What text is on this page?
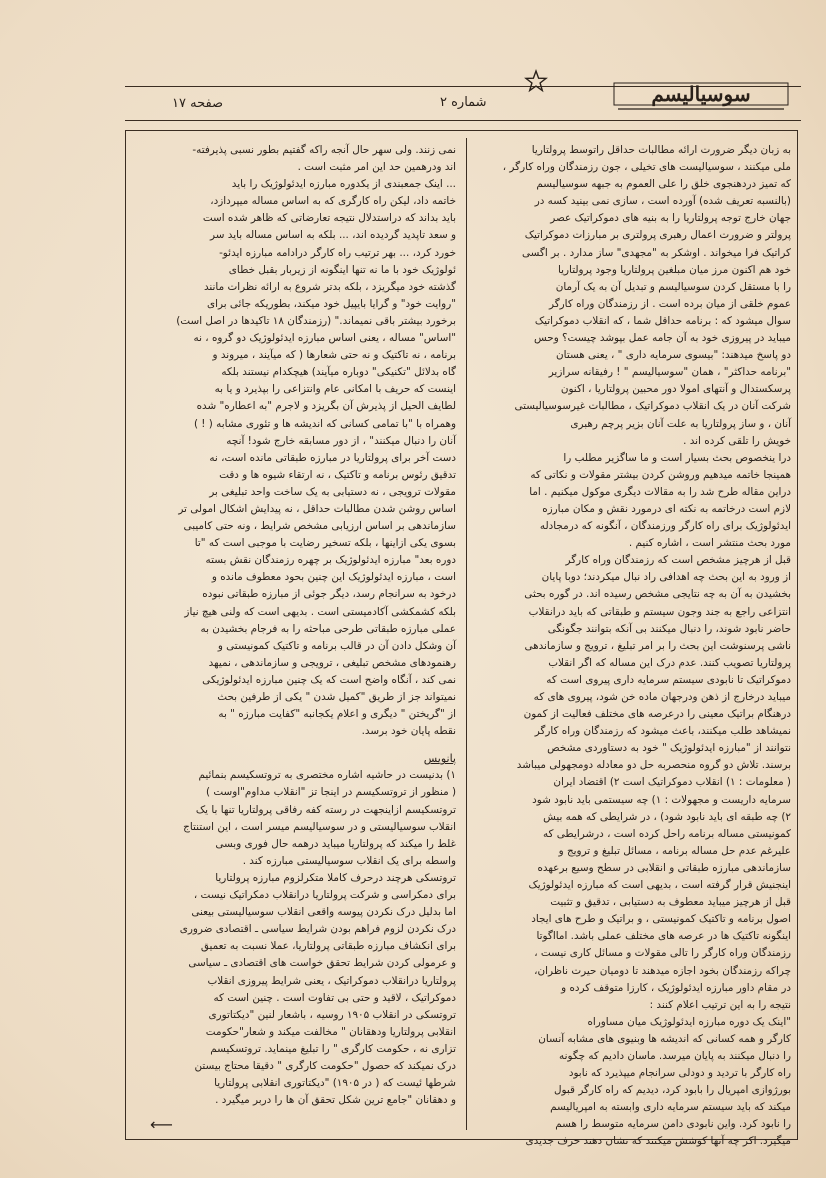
سوسیالیسم
شماره ۲
صفحه ۱۷
به زبان دیگر ضرورت ارائه مطالبات حداقل راتوسط پرولتاریا
ملی میکنند ، سوسیالیست های تخیلی ، جون رزمندگان وراه کارگر ،
که تمیز دردهنجوی خلق را علی العموم به جبهه سوسیالیسم
(بالنسبه تعریف شده) آورده است ، سازی نمی بینید کسه در
جهان خارج توجه پرولتاریا را به بنیه های دموکراتیک عصر
پرولتر و ضرورت اعمال رهبری پرولتری بر مبارزات دموکراتیک
کراتیک فرا میخواند . اوشکر به "مجهدی" ساز مدارد . بر اگسی
خود هم اکنون مرز میان مبلغین پرولتاریا وجود پرولتاریا
را با مستقل کردن سوسیالیسم و تبدیل آن به یک آرمان
عموم خلقی از میان برده است . از رزمندگان وراه کارگر
سوال میشود که : برنامه حداقل شما ، که انقلاب دموکراتیک
میباید در پیروزی خود به آن جامه عمل بپوشد چیست؟ وحس
دو پاسخ میدهند: "بیسوی سرمایه داری " ، یعنی هستان
"برنامه حداکثر" ، همان "سوسیالیسم " ! رفیقانه سرازیر
پرسکستدال و آنتهای امولا دور محبین پرولتاریا ، اکنون
شرکت آنان در یک انقلاب دموکراتیک ، مطالبات غیرسوسیالیستی
آنان ، و ساز پرولتاریا به علت آنان بزیر پرچم رهبری
خویش را تلقی کرده اند .
درا ینخصوص بحث بسیار است و ما ساگزیر مطلب را
همینجا خاتمه میدهیم وروشن کردن بیشتر مقولات و نکاتی که
دراین مقاله طرح شد را به مقالات دیگری موکول میکنیم . اما
لازم است درخاتمه به نکته ای درمورد نقش و مکان مبارزه
ایدئولوژیک برای راه کارگر ورزمندگان ، آنگونه که درمجادله
مورد بحث منتشر است ، اشاره کنیم .
قبل از هرچیز مشخص است که رزمندگان وراه کارگر
از ورود به این بحث چه اهدافی راد نبال میکردند؛ دوبا پایان
بخشیدن به آن به چه نتایجی مشخص رسیده اند. در گوره بحثی
انتزاعی راجع به جند وجون سیستم و طبقاتی که باید درانقلاب
حاضر نابود شوند، را دنبال میکنند بی آنکه بتوانند جگونگی
ناشی پرسنوشت این بحث را بر امر تبلیغ ، ترویج و سازماندهی
پرولتاریا تصویب کنند. عدم درک این مساله که اگر انقلاب
دموکراتیک تا نابودی سیستم سرمایه داری پیروی است که
میباید درخارج از ذهن ودرجهان ماده خن شود، پیروی های که
درهنگام براتیک معینی را درعرصه های مختلف فعالیت از کمون
نمیشاهد طلب میکنند، باعث میشود که رزمندگان وراه کارگر
نتوانند از "مبارزه ایدئولوژیک " خود به دستاوردی مشخص
برسند. تلاش دو گروه منحصربه حل دو معادله دومجهولی میباشد
( معلومات : ۱) انقلاب دموکراتیک است ۲) اقتضاد ایران
سرمایه داریست و مجهولات : ۱) چه سیستمی باید نابود شود
۲) چه طبقه ای باید نابود شود) ، در شرایطی که همه بیش
کمونیستی مساله برنامه راحل کرده است ، درشرایطی که
علیرغم عدم حل مساله برنامه ، مسائل تبلیغ و ترویج و
سازماندهی مبارزه طبقاتی و انقلابی در سطح وسیع برعهده
اینجنیش قرار گرفته است ، بدیهی است که مبارزه ایدئولوژیک
قبل از هرچیز میباید معطوف به دستیابی ، تدقیق و تثبیت
اصول برنامه و تاکتیک کمونیستی ، و براتیک و طرح های ایجاد
اینگونه تاکتیک ها در عرصه های مختلف عملی باشد. امااگوتا
رزمندگان وراه کارگر را تالی مقولات و مسائل کاری نیست ،
چراکه رزمندگان بخود اجازه میدهند تا دومیان حیرت ناظران،
در مقام داور مبارزه ایدئولوژیک ، کارزا متوقف کرده و
نتیجه را به این ترتیب اعلام کنند :
"اینک یک دوره مبارزه ایدئولوژیک میان مساوراه
کارگر و همه کسانی که اندیشه ها وبنیوی های مشابه آنسان
را دنبال میکنند به پایان میرسد. ماسان دادیم که چگونه
راه کارگر با تردید و دودلی سرانجام میپذیرد که نابود
بورژوازی امپریال را بابود کرد، دیدیم که راه کارگر قبول
میکند که باید سیستم سرمایه داری وابسته به امپریالیسم
را نابود کرد. واین نابودی دامن سرمایه متوسط را هسم
میگیرد. اکر چه آنها کوشش میکنند که نشان دهند حرف جدیدی
نمی زنند. ولی سهر حال آنجه راکه گفتیم بطور نسبی پذیرفته-
اند ودرهمین حد این امر مثبت است .
... اینک جمعبندی از یکدوره مبارزه ایدئولوژیک را باید
خاتمه داد، لیکن راه کارگری که به اساس مساله میپردازد،
باید بداند که دراستدلال نتیجه تعارضاتی که ظاهر شده است
و سعد تاپدید گردیده اند، ... بلکه به اساس مساله باید سر
خورد کرد، ... بهر ترتیب راه کارگر درادامه مبارزه ایدئو-
ئولوژیک خود با ما نه تنها اینگونه از زیربار بقبل خطای
گذشته خود میگریزد ، بلکه بدتر شروع به ارائه نظرات مانند
"روایت خود" و گرایا بایپیل خود میکند، بطوریکه جائی برای
برخورد بیشتر باقی نمیماند." (رزمندگان ۱۸ تاکیدها در اصل است)
"اساس" مساله ، یعنی اساس مبارزه ایدئولوژیک دو گروه ، نه
برنامه ، نه تاکتیک و نه حتی شعارها ( که میآیند ، میروند و
گاه بدلائل "تکنیکی" دوباره میآیند) هیچکدام نیستند بلکه
اینست که حریف با امکانی عام وانتزاعی را بپذیرد و یا به
لطایف الحیل از پذیرش آن بگریزد و لاجرم "به اعطاره" شده
وهمراه با "با تمامی کسانی که اندیشه ها و تئوری مشابه ( ! )
آنان را دنبال میکنند" ، از دور مسابقه خارج شود! آنچه
دست آخر برای پرولتاریا در مبارزه طبقاتی مانده است، نه
تدقیق رئوس برنامه و تاکتیک ، نه ارتقاء شیوه ها و دقت
مقولات ترویجی ، نه دستیابی به یک ساخت واحد تبلیغی بر
اساس روشن شدن مطالبات حداقل ، نه پیدایش اشکال امولی تر
سازماندهی بر اساس ارزیابی مشخص شرایط ، ونه حتی کامیبی
بسوی یکی ازاینها ، بلکه تسخیر رضایت با موجبی است که "تا
دوره بعد" مبارزه ایدئولوژیک بر چهره رزمندگان نقش بسته
است ، مبارزه ایدئولوژیک این چنین بحود معطوف مانده و
درخود به سرانجام رسد، دیگر جوئی از مبارزه طبقاتی نبوده
بلکه کشمکشی آکادمیستی است . بدیهی است که ولنی هیچ نیاز
عملی مبارزه طبقاتی طرحی مباحثه را به فرجام بخشیدن به
آن وشکل دادن آن در قالب برنامه و تاکتیک کمونیستی و
رهنمودهای مشخص تبلیغی ، ترویجی و سازماندهی ، نمیهد
نمی کند ، آنگاه واضح است که یک چنین مبارزه ایدئولوژیکی
نمیتواند جز از طریق "کمیل شدن " یکی از طرفین بحث
از "گریختن " دیگری و اعلام یکجانبه "کفایت مبارزه " به
نقطه پایان خود برسد.
پانویس
۱) بدنیست در حاشیه اشاره مختصری به تروتسکیسم بنمائیم
( منظور از تروتسکیسم در اینجا تز "انقلاب مداوم"اوست )
تروتسکیسم ازاینجهت در رسته کفه رفاقی پرولتاریا تنها با یک
انقلاب سوسیالیستی و در سوسیالیسم میسر است ، این استنتاج
غلط را میکند که پرولتاریا میباید درهمه حال فوری وبسی
واسطه برای یک انقلاب سوسیالیستی مبارزه کند .
تروتسکی هرچند درحرف کاملا متکرلزوم مبارزه پرولتاریا
برای دمکراسی و شرکت پرولتاریا درانقلاب دمکراتیک نیست ،
اما بدلیل درک نکردن پیوسه واقعی انقلاب سوسیالیستی بیعنی
درک نکردن لزوم فراهم بودن شرایط سیاسی ـ اقتصادی ضروری
برای انکشاف مبارزه طبقاتی پرولتاریا، عملا نسبت به تعمیق
و عرمولی کردن شرایط تحقق خواست های اقتصادی ـ سیاسی
پرولتاریا درانقلاب دموکراتیک ، یعنی شرایط پیروزی انقلاب
دموکراتیک ، لاقید و حتی بی تفاوت است . چنین است که
تروتسکی در انقلاب ۱۹۰۵ روسیه ، باشعار لنین "دیکتاتوری
انقلابی پرولتاریا ودهقانان " مخالفت میکند و شعار"حکومت
تزاری نه ، حکومت کارگری " را تبلیغ مینماید. تروتسکیسم
درک نمیکند که حصول "حکومت کارگری " دقیقا محتاج بیستن
شرطها ئیست که ( در ۱۹۰۵) "دیکتاتوری انقلابی پرولتاریا
و دهقانان "جامع ترین شکل تحقق آن ها را دربر میگیرد .
⟵
